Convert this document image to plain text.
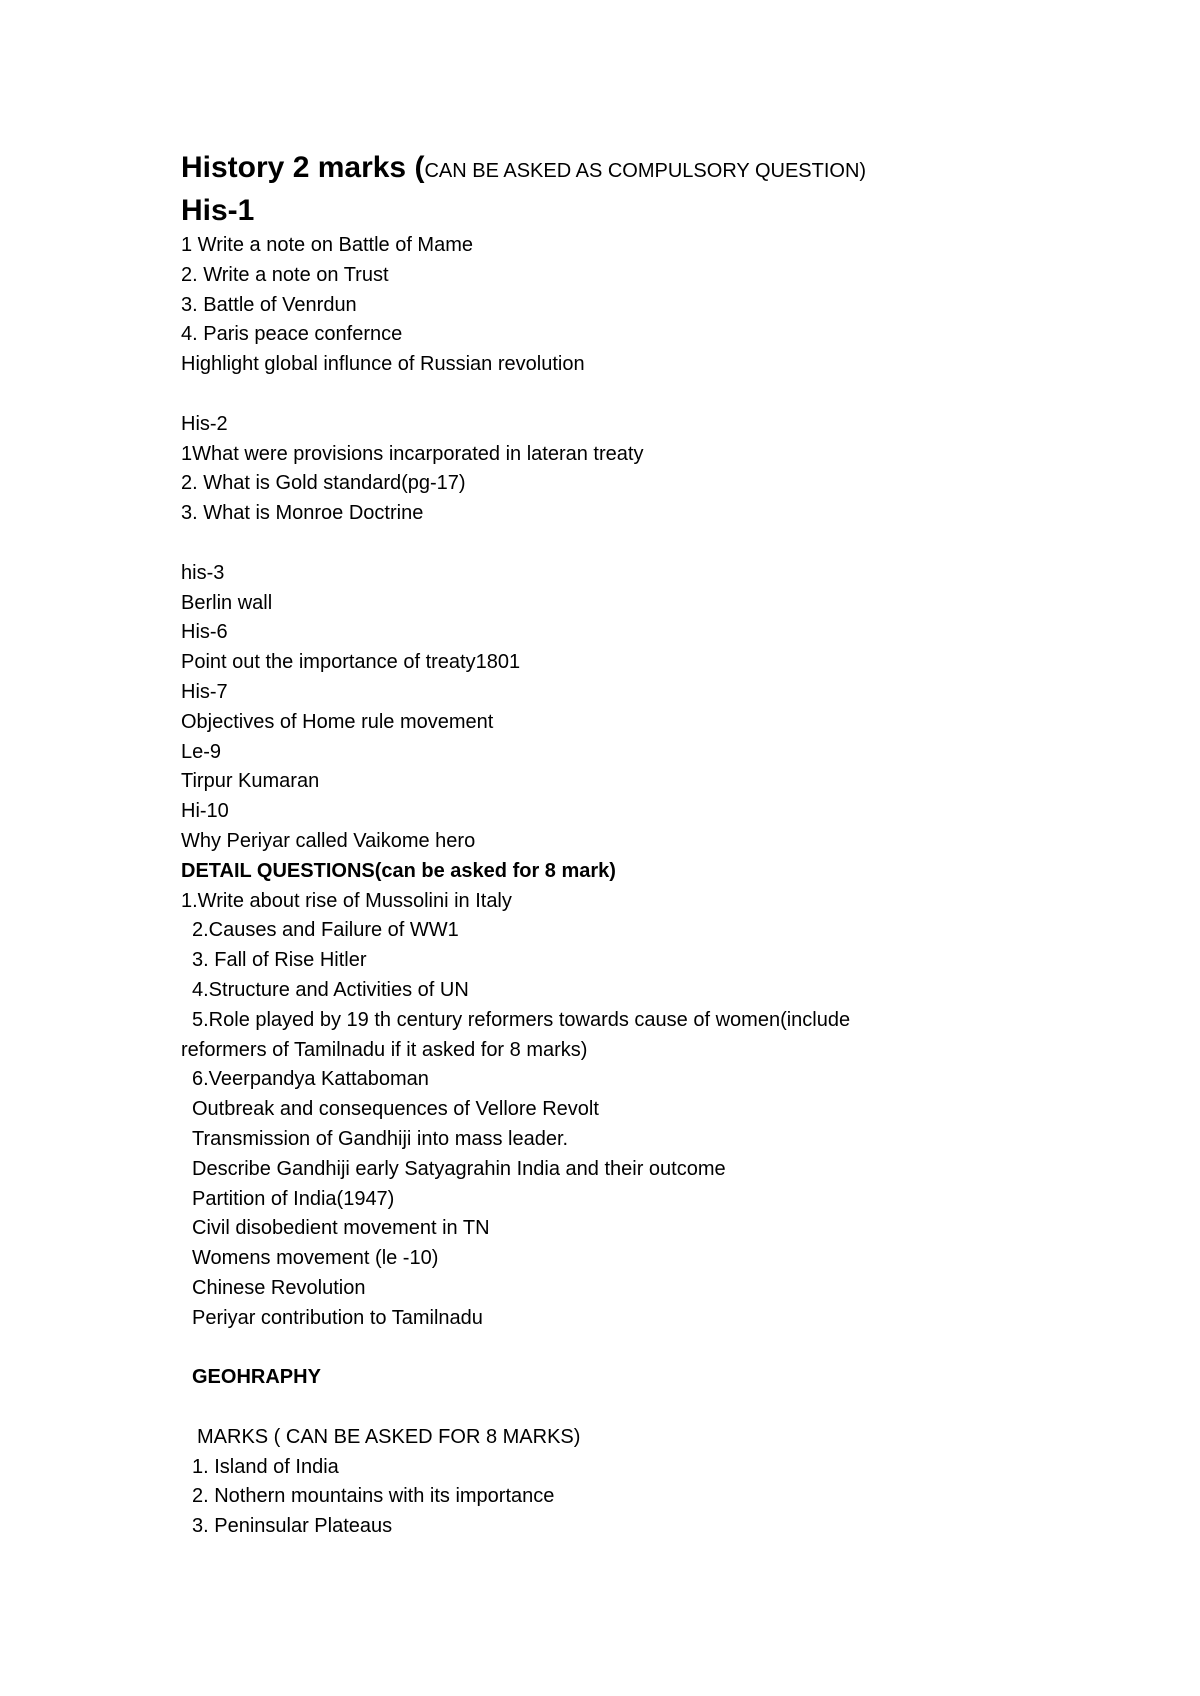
History 2 marks (CAN BE ASKED AS COMPULSORY QUESTION)
His-1
1 Write a note on Battle of Mame
2. Write a note on Trust
3. Battle of Venrdun
4. Paris peace confernce
Highlight global influnce of Russian revolution
His-2
1What were provisions incarporated in lateran treaty
2. What is Gold standard(pg-17)
3. What is Monroe Doctrine
his-3
Berlin wall
His-6
Point out the importance of treaty1801
His-7
Objectives of Home rule movement
Le-9
Tirpur Kumaran
Hi-10
Why Periyar called Vaikome hero
DETAIL QUESTIONS(can be asked for 8 mark)
1.Write about rise of Mussolini in Italy
2.Causes and Failure of WW1
3. Fall of Rise Hitler
4.Structure and Activities of UN
5.Role played by 19 th century reformers towards cause of women(include
reformers of Tamilnadu if it asked for 8 marks)
6.Veerpandya Kattaboman
Outbreak and consequences of Vellore Revolt
Transmission of Gandhiji into mass leader.
Describe Gandhiji early Satyagrahin India and their outcome
Partition of India(1947)
Civil disobedient movement in TN
Womens movement (le -10)
Chinese Revolution
Periyar contribution to Tamilnadu
GEOHRAPHY
MARKS ( CAN BE ASKED FOR 8 MARKS)
1. Island of India
2. Nothern mountains with its importance
3. Peninsular Plateaus
